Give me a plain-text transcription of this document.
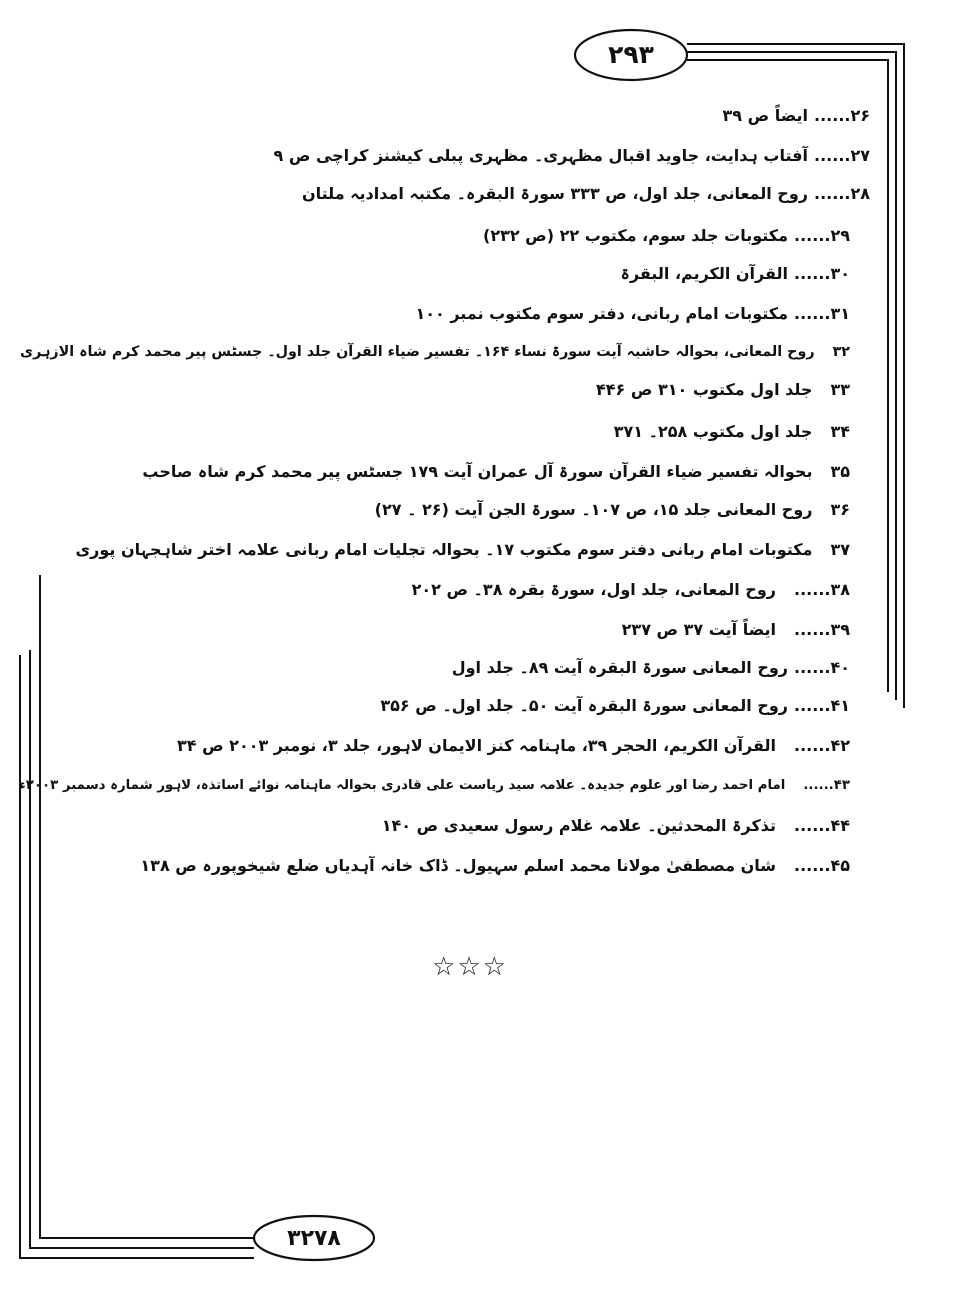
۲۹۳
۳۲۷۸
۲۶......
ایضاً ص ۳۹
۲۷......
آفتاب ہدایت، جاوید اقبال مظہری۔ مظہری پبلی کیشنز کراچی ص ۹
۲۸......
روح المعانی، جلد اول، ص ۳۳۳ سورۃ البقرہ۔ مکتبہ امدادیہ ملتان
۲۹......
مکتوبات جلد سوم، مکتوب ۲۲ (ص ۲۳۲)
۳۰......
القرآن الکریم، البقرۃ
۳۱......
مکتوبات امام ربانی، دفتر سوم مکتوب نمبر ۱۰۰
۳۲
روح المعانی، بحوالہ حاشیہ آیت سورۃ نساء ۱۶۴۔ تفسیر ضیاء القرآن جلد اول۔ جسٹس پیر محمد کرم شاہ الازہری
۳۳
جلد اول مکتوب ۳۱۰ ص ۴۴۶
۳۴
جلد اول مکتوب ۲۵۸۔ ۳۷۱
۳۵
بحوالہ تفسیر ضیاء القرآن سورۃ آل عمران آیت ۱۷۹ جسٹس پیر محمد کرم شاہ صاحب
۳۶
روح المعانی جلد ۱۵، ص ۱۰۷۔ سورۃ الجن آیت (۲۶ ۔ ۲۷)
۳۷
مکتوبات امام ربانی دفتر سوم مکتوب ۱۷۔ بحوالہ تجلیات امام ربانی علامہ اختر شاہجہان پوری
۳۸......
روح المعانی، جلد اول، سورۃ بقرہ ۳۸۔ ص ۲۰۲
۳۹......
ایضاً آیت ۳۷ ص ۲۳۷
۴۰......
روح المعانی سورۃ البقرہ آیت ۸۹۔ جلد اول
۴۱......
روح المعانی سورۃ البقرہ آیت ۵۰۔ جلد اول۔ ص ۳۵۶
۴۲......
القرآن الکریم، الحجر ۳۹، ماہنامہ کنز الایمان لاہور، جلد ۳، نومبر ۲۰۰۳ ص ۳۴
۴۳......
امام احمد رضا اور علوم جدیدہ۔ علامہ سید ریاست علی قادری بحوالہ ماہنامہ نوائے اساتذہ، لاہور شمارہ دسمبر ۲۰۰۳ء
۴۴......
تذکرۃ المحدثین۔ علامہ غلام رسول سعیدی ص ۱۴۰
۴۵......
شان مصطفیٰ مولانا محمد اسلم سہیول۔ ڈاک خانہ آہدیاں ضلع شیخوپورہ ص ۱۳۸
☆☆☆
